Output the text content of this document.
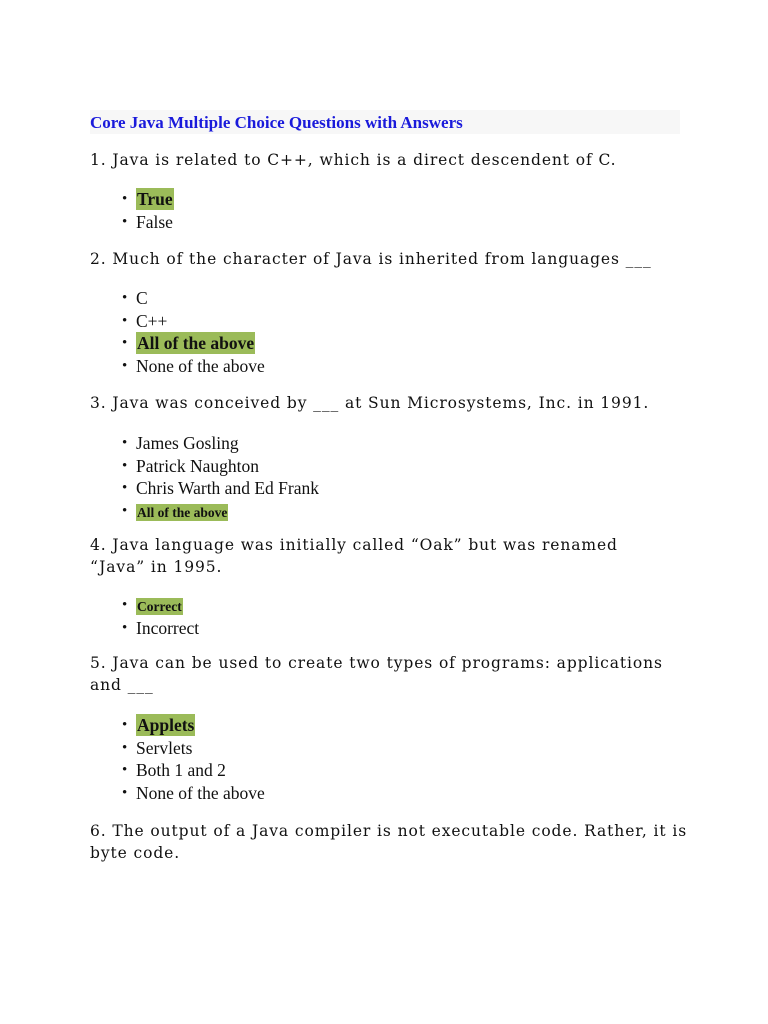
Core Java Multiple Choice Questions with Answers
1. Java is related to C++, which is a direct descendent of C.
• True
• False
2. Much of the character of Java is inherited from languages ___
• C
• C++
• All of the above
• None of the above
3. Java was conceived by ___ at Sun Microsystems, Inc. in 1991.
• James Gosling
• Patrick Naughton
• Chris Warth and Ed Frank
• All of the above
4. Java language was initially called “Oak” but was renamed
“Java” in 1995.
• Correct
• Incorrect
5. Java can be used to create two types of programs: applications
and ___
• Applets
• Servlets
• Both 1 and 2
• None of the above
6. The output of a Java compiler is not executable code. Rather, it is
byte code.
